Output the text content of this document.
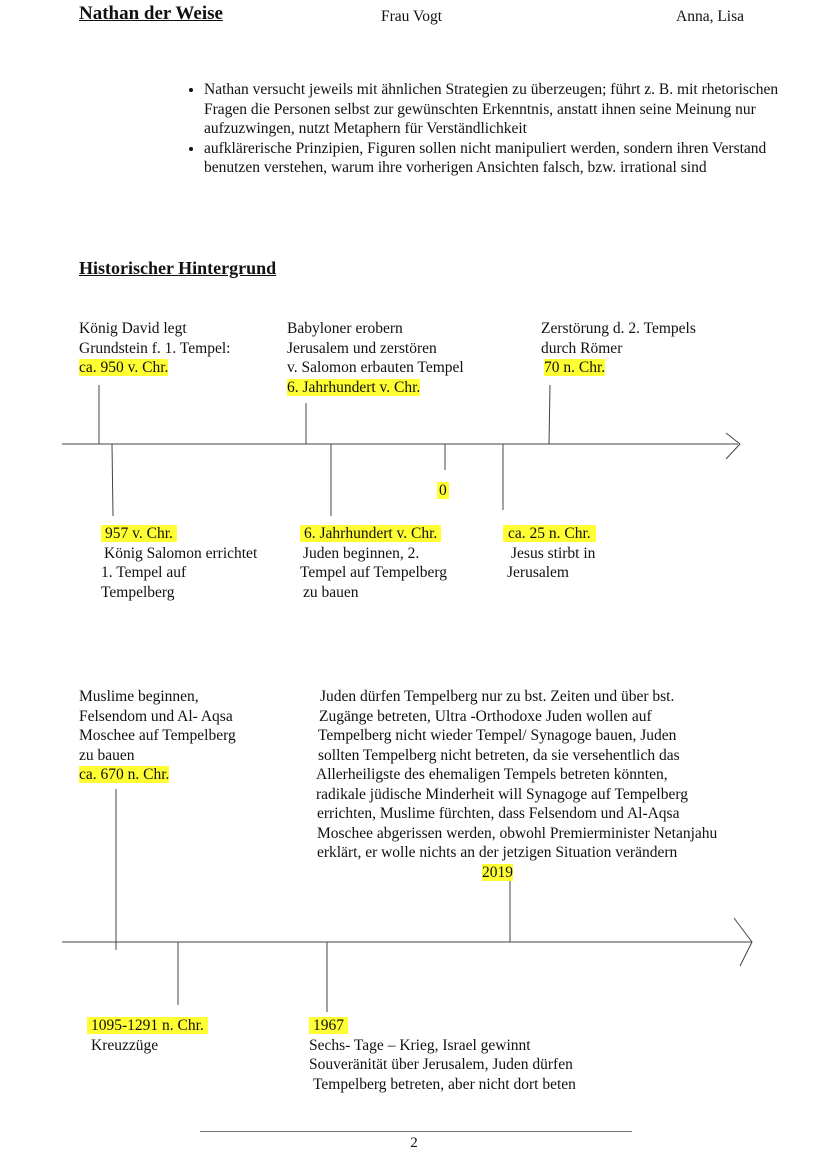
Nathan der Weise	Frau Vogt	Anna, Lisa
• Nathan versucht jeweils mit ähnlichen Strategien zu überzeugen; führt z. B. mit rhetorischen Fragen die Personen selbst zur gewünschten Erkenntnis, anstatt ihnen seine Meinung nur aufzuzwingen, nutzt Metaphern für Verständlichkeit
• aufklärerische Prinzipien, Figuren sollen nicht manipuliert werden, sondern ihren Verstand benutzen verstehen, warum ihre vorherigen Ansichten falsch, bzw. irrational sind
Historischer Hintergrund
König David legt
Grundstein f. 1. Tempel:
ca. 950 v. Chr.
Babyloner erobern
Jerusalem und zerstören
v. Salomon erbauten Tempel
6. Jahrhundert v. Chr.
Zerstörung d. 2. Tempels
durch Römer
70 n. Chr.
0
957 v. Chr.
König Salomon errichtet
1. Tempel auf
Tempelberg
6. Jahrhundert v. Chr.
Juden beginnen, 2.
Tempel auf Tempelberg
zu bauen
ca. 25 n. Chr.
Jesus stirbt in
Jerusalem
Muslime beginnen,
Felsendom und Al- Aqsa
Moschee auf Tempelberg
zu bauen
ca. 670 n. Chr.
Juden dürfen Tempelberg nur zu bst. Zeiten und über bst.
Zugänge betreten, Ultra -Orthodoxe Juden wollen auf
Tempelberg nicht wieder Tempel/ Synagoge bauen, Juden
sollten Tempelberg nicht betreten, da sie versehentlich das
Allerheiligste des ehemaligen Tempels betreten könnten,
radikale jüdische Minderheit will Synagoge auf Tempelberg
errichten, Muslime fürchten, dass Felsendom und Al-Aqsa
Moschee abgerissen werden, obwohl Premierminister Netanjahu
erklärt, er wolle nichts an der jetzigen Situation verändern
2019
1095-1291 n. Chr.
Kreuzzüge
1967
Sechs- Tage – Krieg, Israel gewinnt
Souveränität über Jerusalem, Juden dürfen
Tempelberg betreten, aber nicht dort beten
2
